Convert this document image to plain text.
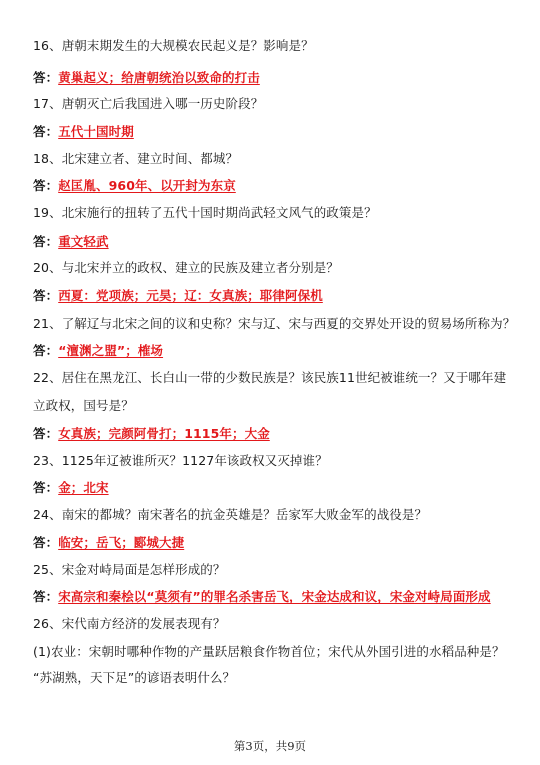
16、唐朝末期发生的大规模农民起义是？影响是？
答：黄巢起义；给唐朝统治以致命的打击
17、唐朝灭亡后我国进入哪一历史阶段？
答：五代十国时期
18、北宋建立者、建立时间、都城？
答：赵匡胤、960年、以开封为东京
19、北宋施行的扭转了五代十国时期尚武轻文风气的政策是？
答：重文轻武
20、与北宋并立的政权、建立的民族及建立者分别是？
答：西夏：党项族；元昊；辽：女真族；耶律阿保机
21、了解辽与北宋之间的议和史称？宋与辽、宋与西夏的交界处开设的贸易场所称为？
答：“澶渊之盟”；榷场
22、居住在黑龙江、长白山一带的少数民族是？该民族11世纪被谁统一？又于哪年建
立政权，国号是？
答：女真族；完颜阿骨打；1115年；大金
23、1125年辽被谁所灭？1127年该政权又灭掉谁？
答：金；北宋
24、南宋的都城？南宋著名的抗金英雄是？岳家军大败金军的战役是？
答：临安；岳飞；郾城大捷
25、宋金对峙局面是怎样形成的？
答：宋高宗和秦桧以“莫须有”的罪名杀害岳飞，宋金达成和议，宋金对峙局面形成
26、宋代南方经济的发展表现有？
(1)农业：宋朝时哪种作物的产量跃居粮食作物首位；宋代从外国引进的水稻品种是？
“苏湖熟，天下足”的谚语表明什么？
第3页，共9页
